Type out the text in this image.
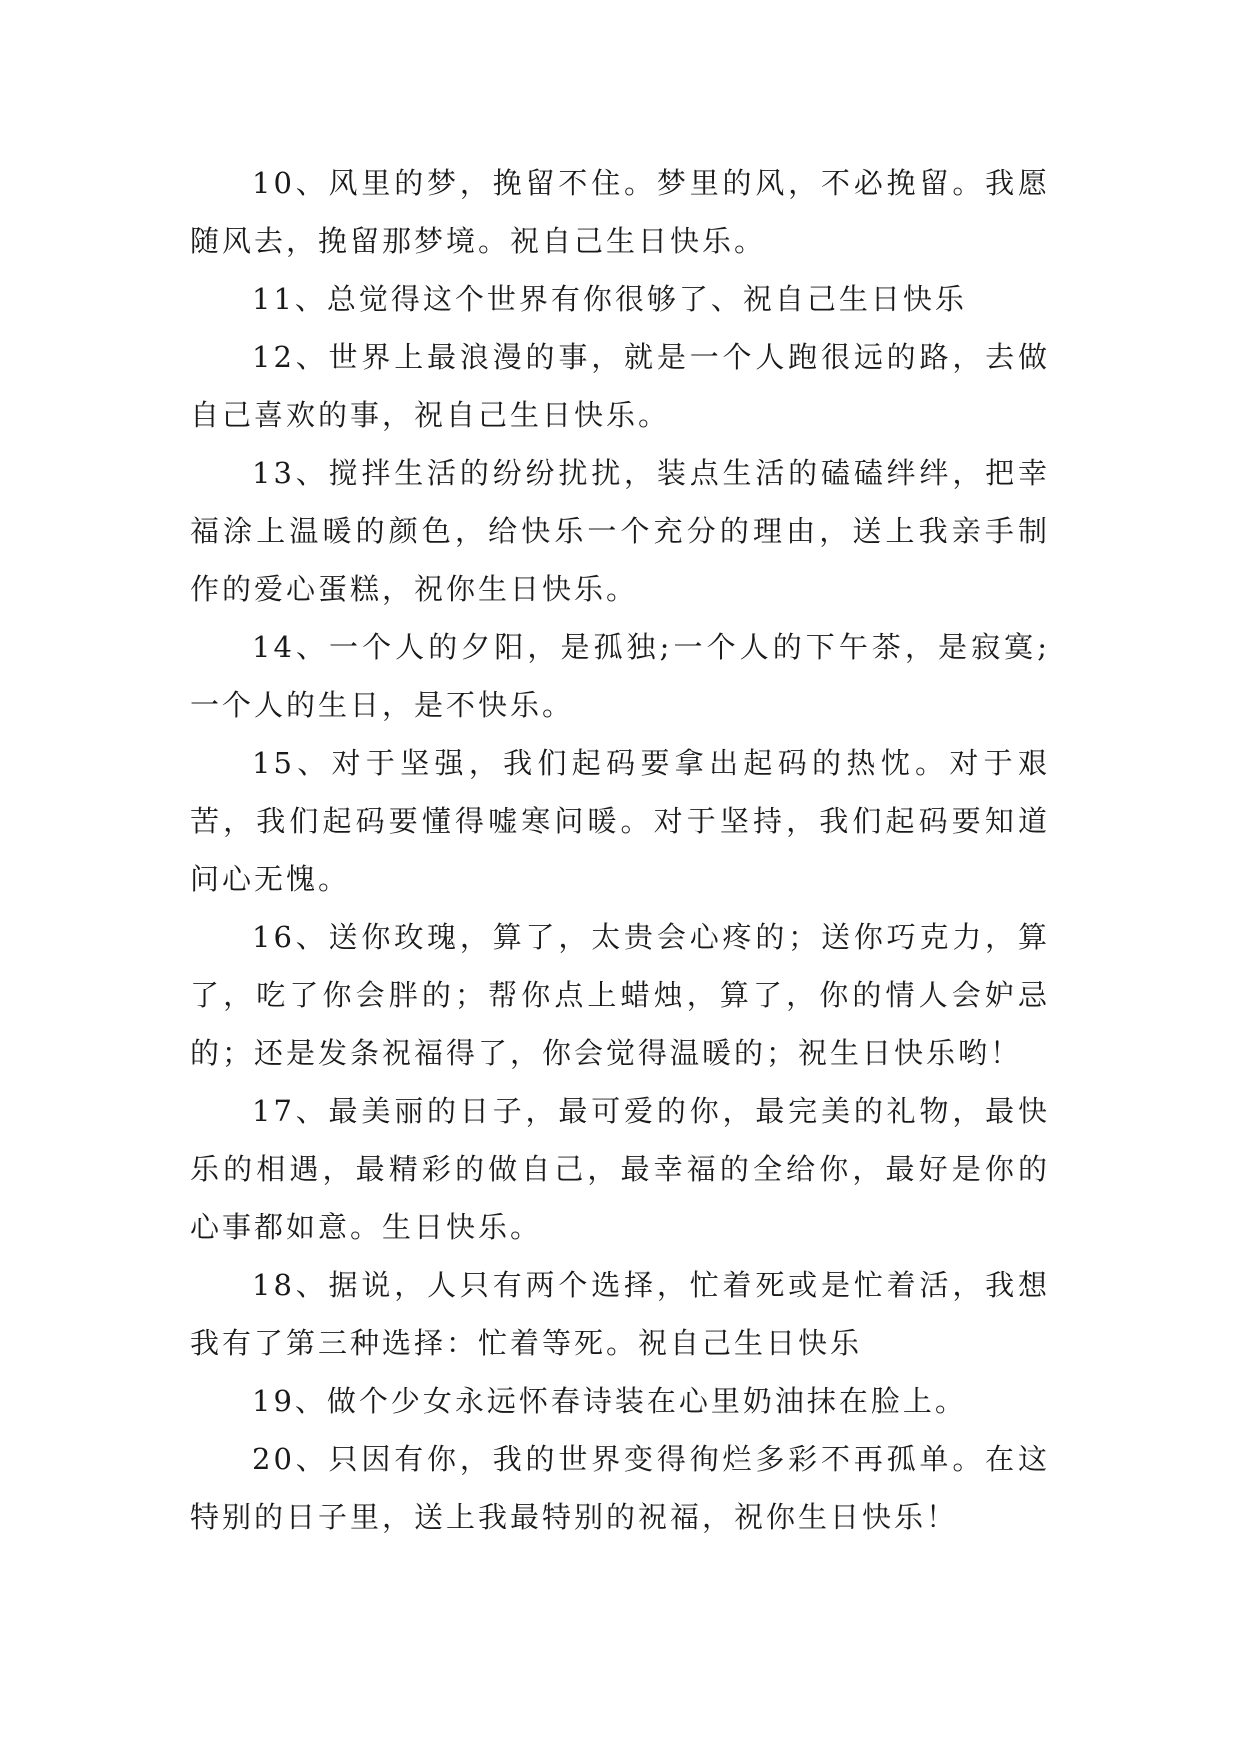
10、风里的梦，挽留不住。梦里的风，不必挽留。我愿随风去，挽留那梦境。祝自己生日快乐。

11、总觉得这个世界有你很够了、祝自己生日快乐

12、世界上最浪漫的事，就是一个人跑很远的路，去做自己喜欢的事，祝自己生日快乐。

13、搅拌生活的纷纷扰扰，装点生活的磕磕绊绊，把幸福涂上温暖的颜色，给快乐一个充分的理由，送上我亲手制作的爱心蛋糕，祝你生日快乐。

14、一个人的夕阳，是孤独;一个人的下午茶，是寂寞;一个人的生日，是不快乐。

15、对于坚强，我们起码要拿出起码的热忱。对于艰苦，我们起码要懂得嘘寒问暖。对于坚持，我们起码要知道问心无愧。

16、送你玫瑰，算了，太贵会心疼的；送你巧克力，算了，吃了你会胖的；帮你点上蜡烛，算了，你的情人会妒忌的；还是发条祝福得了，你会觉得温暖的；祝生日快乐哟！

17、最美丽的日子，最可爱的你，最完美的礼物，最快乐的相遇，最精彩的做自己，最幸福的全给你，最好是你的心事都如意。生日快乐。

18、据说，人只有两个选择，忙着死或是忙着活，我想我有了第三种选择：忙着等死。祝自己生日快乐

19、做个少女永远怀春诗装在心里奶油抹在脸上。

20、只因有你，我的世界变得徇烂多彩不再孤单。在这特别的日子里，送上我最特别的祝福，祝你生日快乐！
